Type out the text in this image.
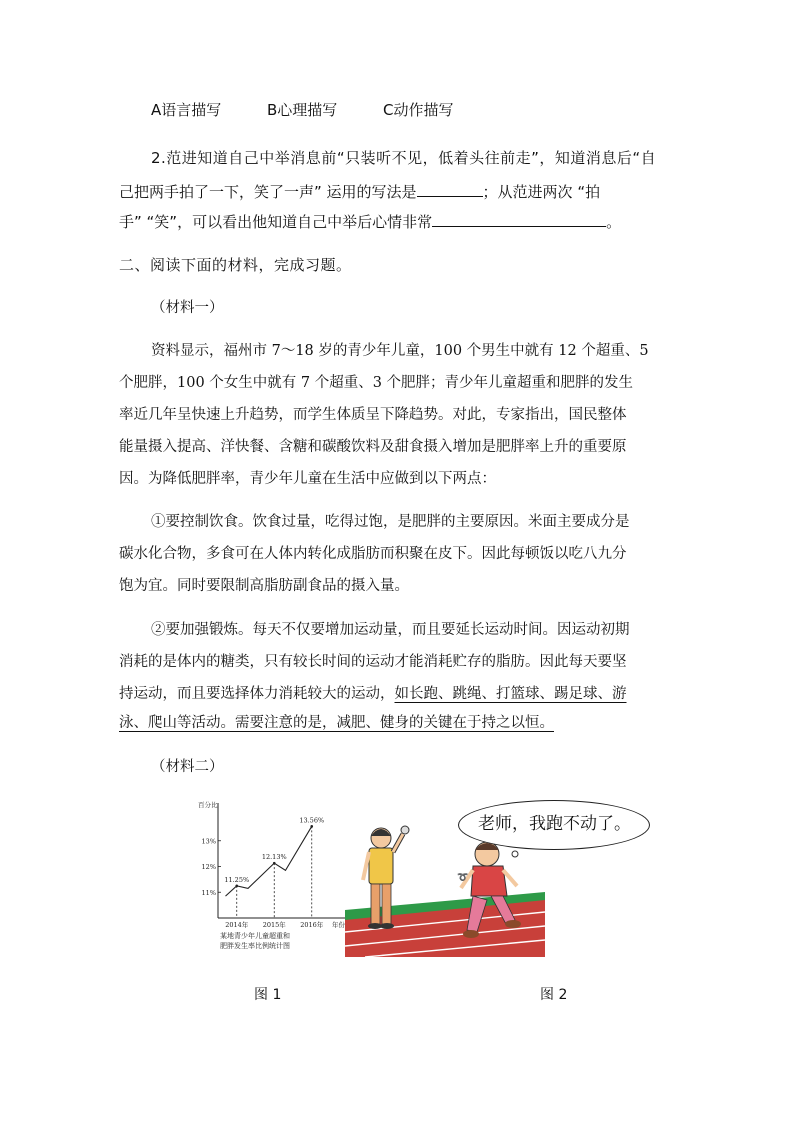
A语言描写	B心理描写	C动作描写
2.范进知道自己中举消息前“只装听不见，低着头往前走”，知道消息后“自
己把两手拍了一下，笑了一声” 运用的写法是	；从范进两次 “拍
手” “笑”，可以看出他知道自己中举后心情非常	。
二、阅读下面的材料，完成习题。
（材料一）
资料显示，福州市 7～18 岁的青少年儿童，100 个男生中就有 12 个超重、5
个肥胖，100 个女生中就有 7 个超重、3 个肥胖；青少年儿童超重和肥胖的发生
率近几年呈快速上升趋势，而学生体质呈下降趋势。对此，专家指出，国民整体
能量摄入提高、洋快餐、含糖和碳酸饮料及甜食摄入增加是肥胖率上升的重要原
因。为降低肥胖率，青少年儿童在生活中应做到以下两点：
①要控制饮食。饮食过量，吃得过饱，是肥胖的主要原因。米面主要成分是
碳水化合物，多食可在人体内转化成脂肪而积聚在皮下。因此每顿饭以吃八九分
饱为宜。同时要限制高脂肪副食品的摄入量。
②要加强锻炼。每天不仅要增加运动量，而且要延长运动时间。因运动初期
消耗的是体内的糖类，只有较长时间的运动才能消耗贮存的脂肪。因此每天要坚
持运动，而且要选择体力消耗较大的运动，如长跑、跳绳、打篮球、踢足球、游
泳、爬山等活动。需要注意的是，减肥、健身的关键在于持之以恒。
（材料二）
百分比
年份
11%
12%
13%
2014年 2015年 2016年
11.25%
12.13%
13.56%
某地青少年儿童超重和
肥胖发生率比例统计图
➰
老师，我跑不动了。
图 1	图 2
